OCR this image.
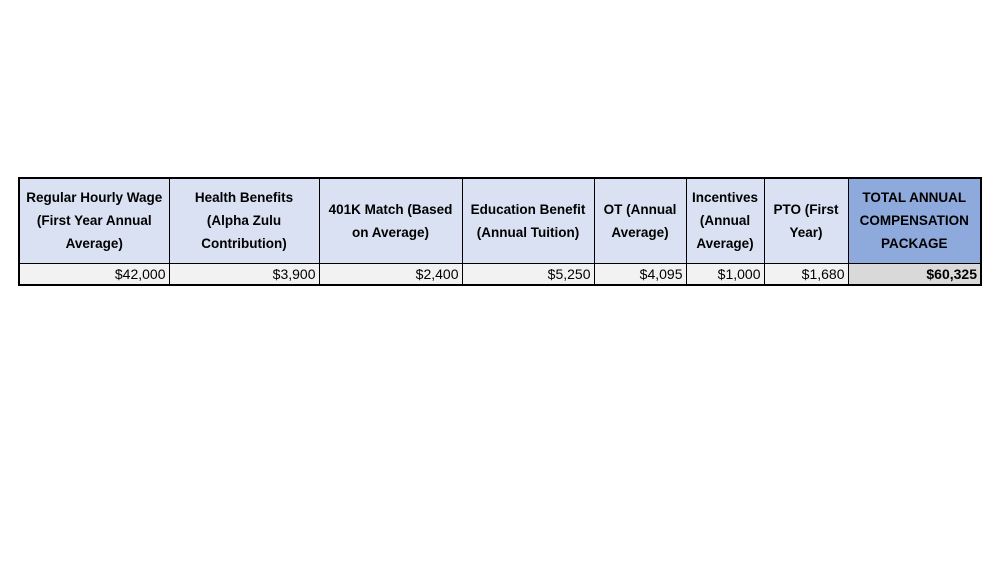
Regular Hourly Wage (First Year Annual Average)	Health Benefits (Alpha Zulu Contribution)	401K Match (Based on Average)	Education Benefit (Annual Tuition)	OT (Annual Average)	Incentives (Annual Average)	PTO (First Year)	TOTAL ANNUAL COMPENSATION PACKAGE
$42,000	$3,900	$2,400	$5,250	$4,095	$1,000	$1,680	$60,325
